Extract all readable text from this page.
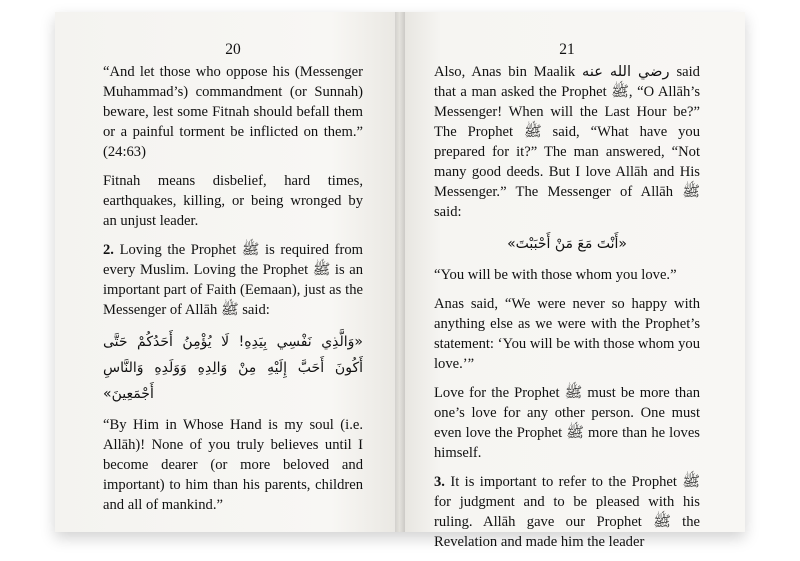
20

“And let those who oppose his (Messenger Muhammad’s) commandment (or Sunnah) beware, lest some Fitnah should befall them or a painful torment be inflicted on them.” (24:63)

Fitnah means disbelief, hard times, earthquakes, killing, or being wronged by an unjust leader.

2. Loving the Prophet ﷺ is required from every Muslim. Loving the Prophet ﷺ is an important part of Faith (Eemaan), just as the Messenger of Allāh ﷺ said:

«وَالَّذِي نَفْسِي بِيَدِهِ! لَا يُؤْمِنُ أَحَدُكُمْ حَتَّى أَكُونَ أَحَبَّ إِلَيْهِ مِنْ وَالِدِهِ وَوَلَدِهِ وَالنَّاسِ أَجْمَعِينَ»

“By Him in Whose Hand is my soul (i.e. Allāh)! None of you truly believes until I become dearer (or more beloved and important) to him than his parents, children and all of mankind.”

21

Also, Anas bin Maalik رضي الله عنه said that a man asked the Prophet ﷺ, “O Allāh’s Messenger! When will the Last Hour be?” The Prophet ﷺ said, “What have you prepared for it?” The man answered, “Not many good deeds. But I love Allāh and His Messenger.” The Messenger of Allāh ﷺ said:

«أَنْتَ مَعَ مَنْ أَحْبَبْتَ»

“You will be with those whom you love.”

Anas said, “We were never so happy with anything else as we were with the Prophet’s statement: ‘You will be with those whom you love.’”

Love for the Prophet ﷺ must be more than one’s love for any other person. One must even love the Prophet ﷺ more than he loves himself.

3. It is important to refer to the Prophet ﷺ for judgment and to be pleased with his ruling. Allāh gave our Prophet ﷺ the Revelation and made him the leader
